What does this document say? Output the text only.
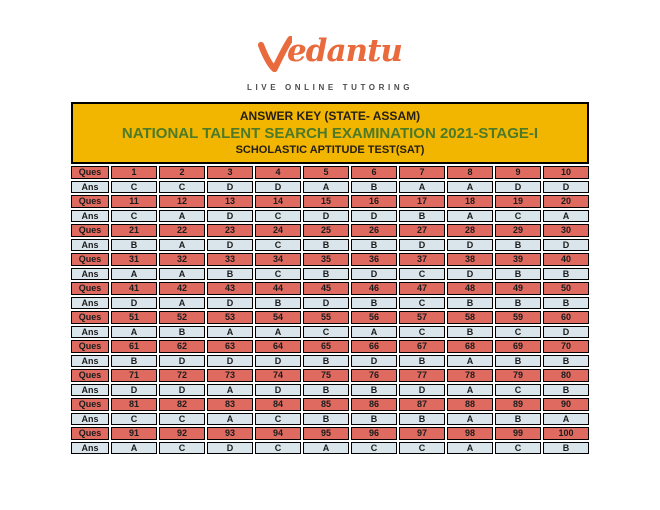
edantu
LIVE ONLINE TUTORING
ANSWER KEY (STATE- ASSAM)
NATIONAL TALENT SEARCH EXAMINATION 2021-STAGE-I
SCHOLASTIC APTITUDE TEST(SAT)
Ques	1	2	3	4	5	6	7	8	9	10
Ans	C	C	D	D	A	B	A	A	D	D
Ques	11	12	13	14	15	16	17	18	19	20
Ans	C	A	D	C	D	D	B	A	C	A
Ques	21	22	23	24	25	26	27	28	29	30
Ans	B	A	D	C	B	B	D	D	B	D
Ques	31	32	33	34	35	36	37	38	39	40
Ans	A	A	B	C	B	D	C	D	B	B
Ques	41	42	43	44	45	46	47	48	49	50
Ans	D	A	D	B	D	B	C	B	B	B
Ques	51	52	53	54	55	56	57	58	59	60
Ans	A	B	A	A	C	A	C	B	C	D
Ques	61	62	63	64	65	66	67	68	69	70
Ans	B	D	D	D	B	D	B	A	B	B
Ques	71	72	73	74	75	76	77	78	79	80
Ans	D	D	A	D	B	B	D	A	C	B
Ques	81	82	83	84	85	86	87	88	89	90
Ans	C	C	A	C	B	B	B	A	B	A
Ques	91	92	93	94	95	96	97	98	99	100
Ans	A	C	D	C	A	C	C	A	C	B
